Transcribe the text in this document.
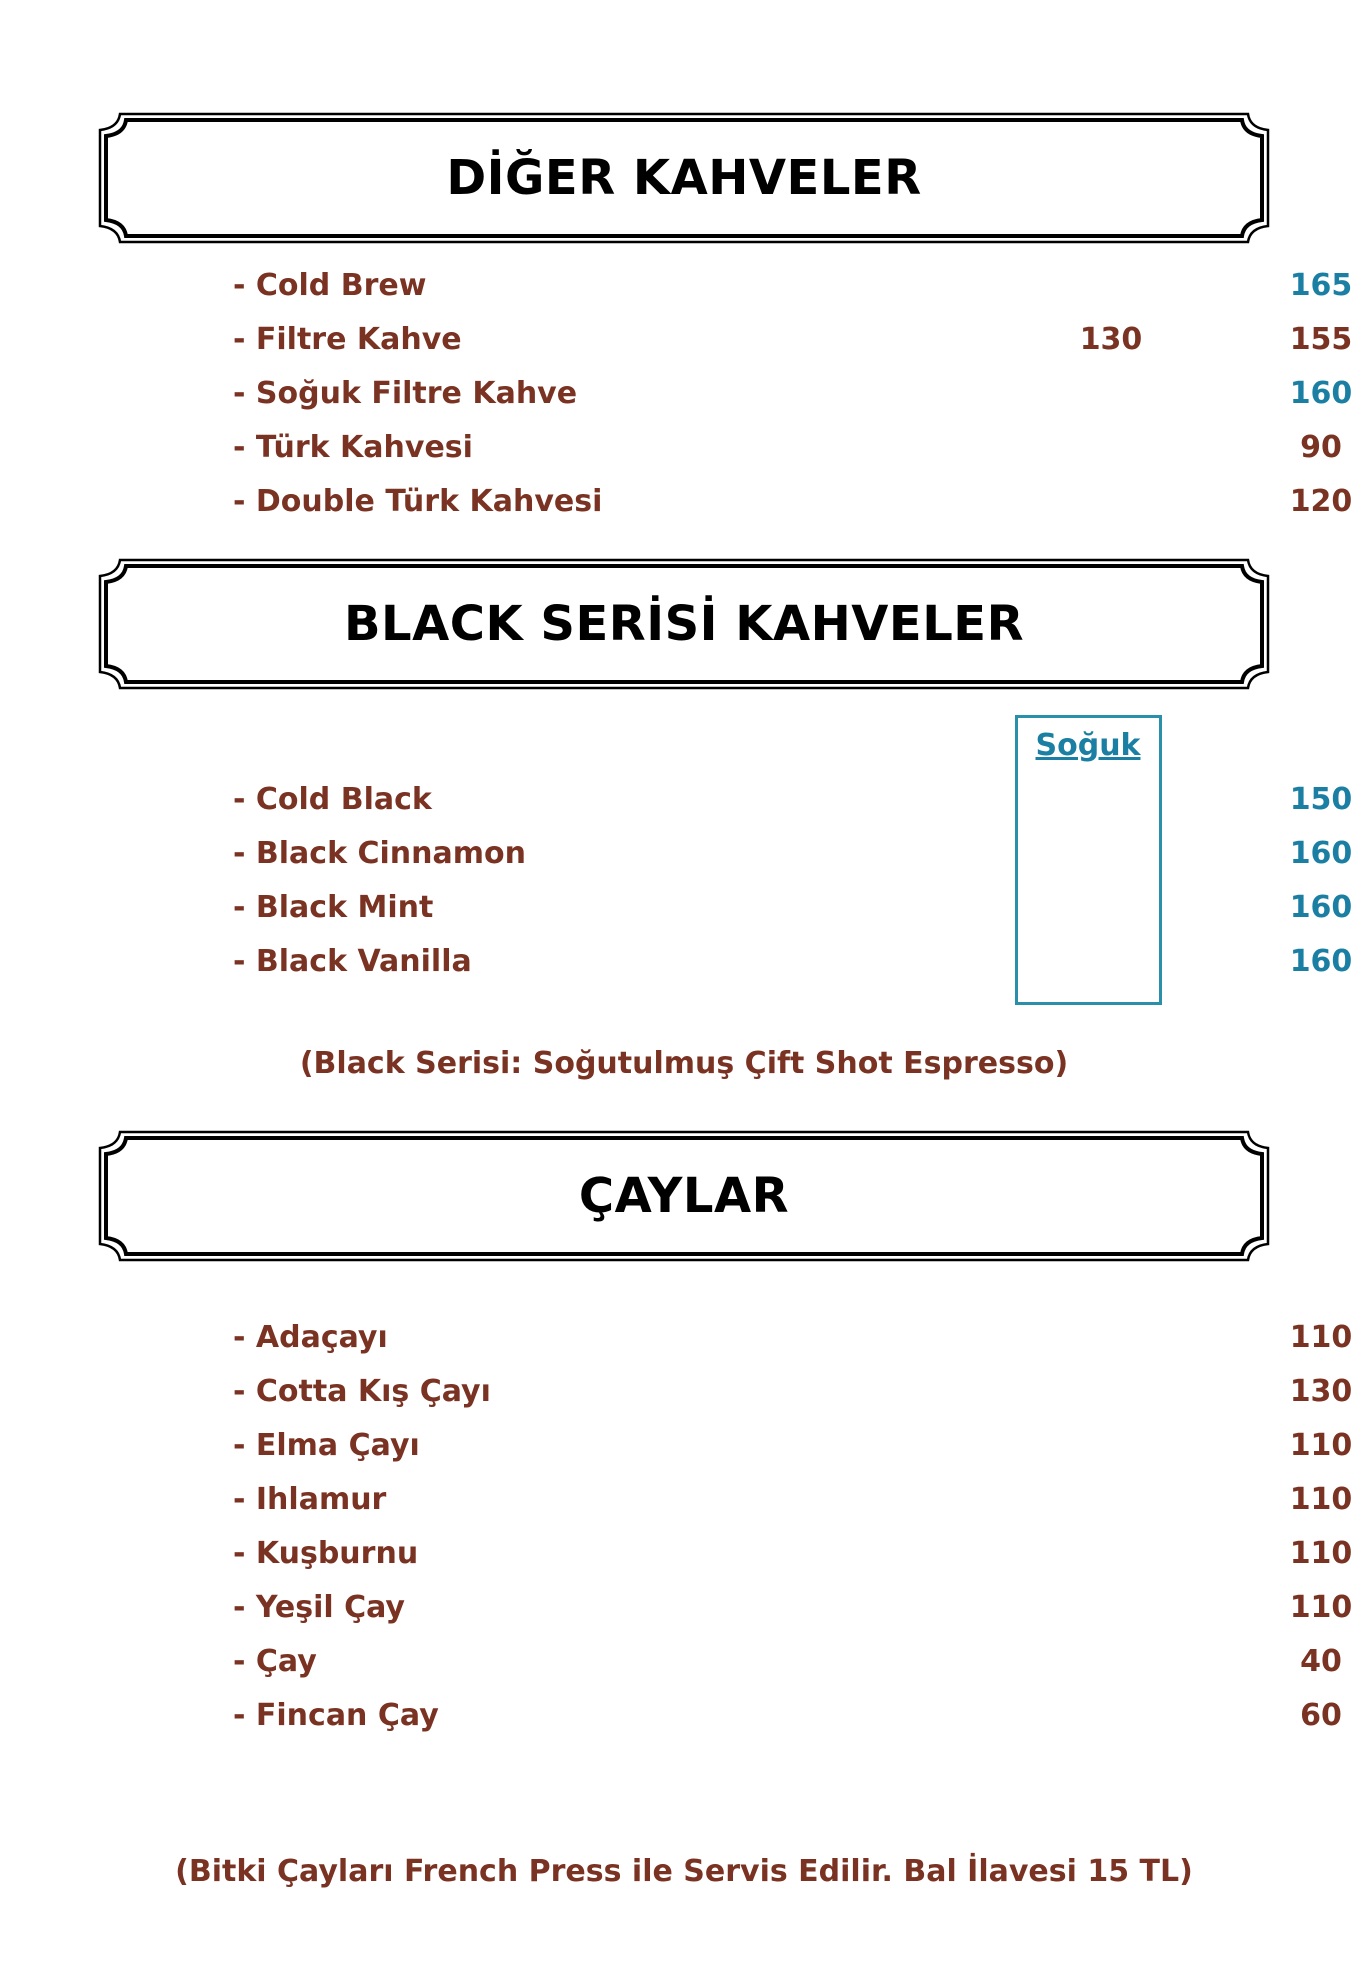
DİĞER KAHVELER
- Cold Brew	165
- Filtre Kahve	130	155
- Soğuk Filtre Kahve	160
- Türk Kahvesi	90
- Double Türk Kahvesi	120
BLACK SERİSİ KAHVELER
Soğuk
- Cold Black	150
- Black Cinnamon	160
- Black Mint	160
- Black Vanilla	160
(Black Serisi: Soğutulmuş Çift Shot Espresso)
ÇAYLAR
- Adaçayı	110
- Cotta Kış Çayı	130
- Elma Çayı	110
- Ihlamur	110
- Kuşburnu	110
- Yeşil Çay	110
- Çay	40
- Fincan Çay	60
(Bitki Çayları French Press ile Servis Edilir. Bal İlavesi 15 TL)
